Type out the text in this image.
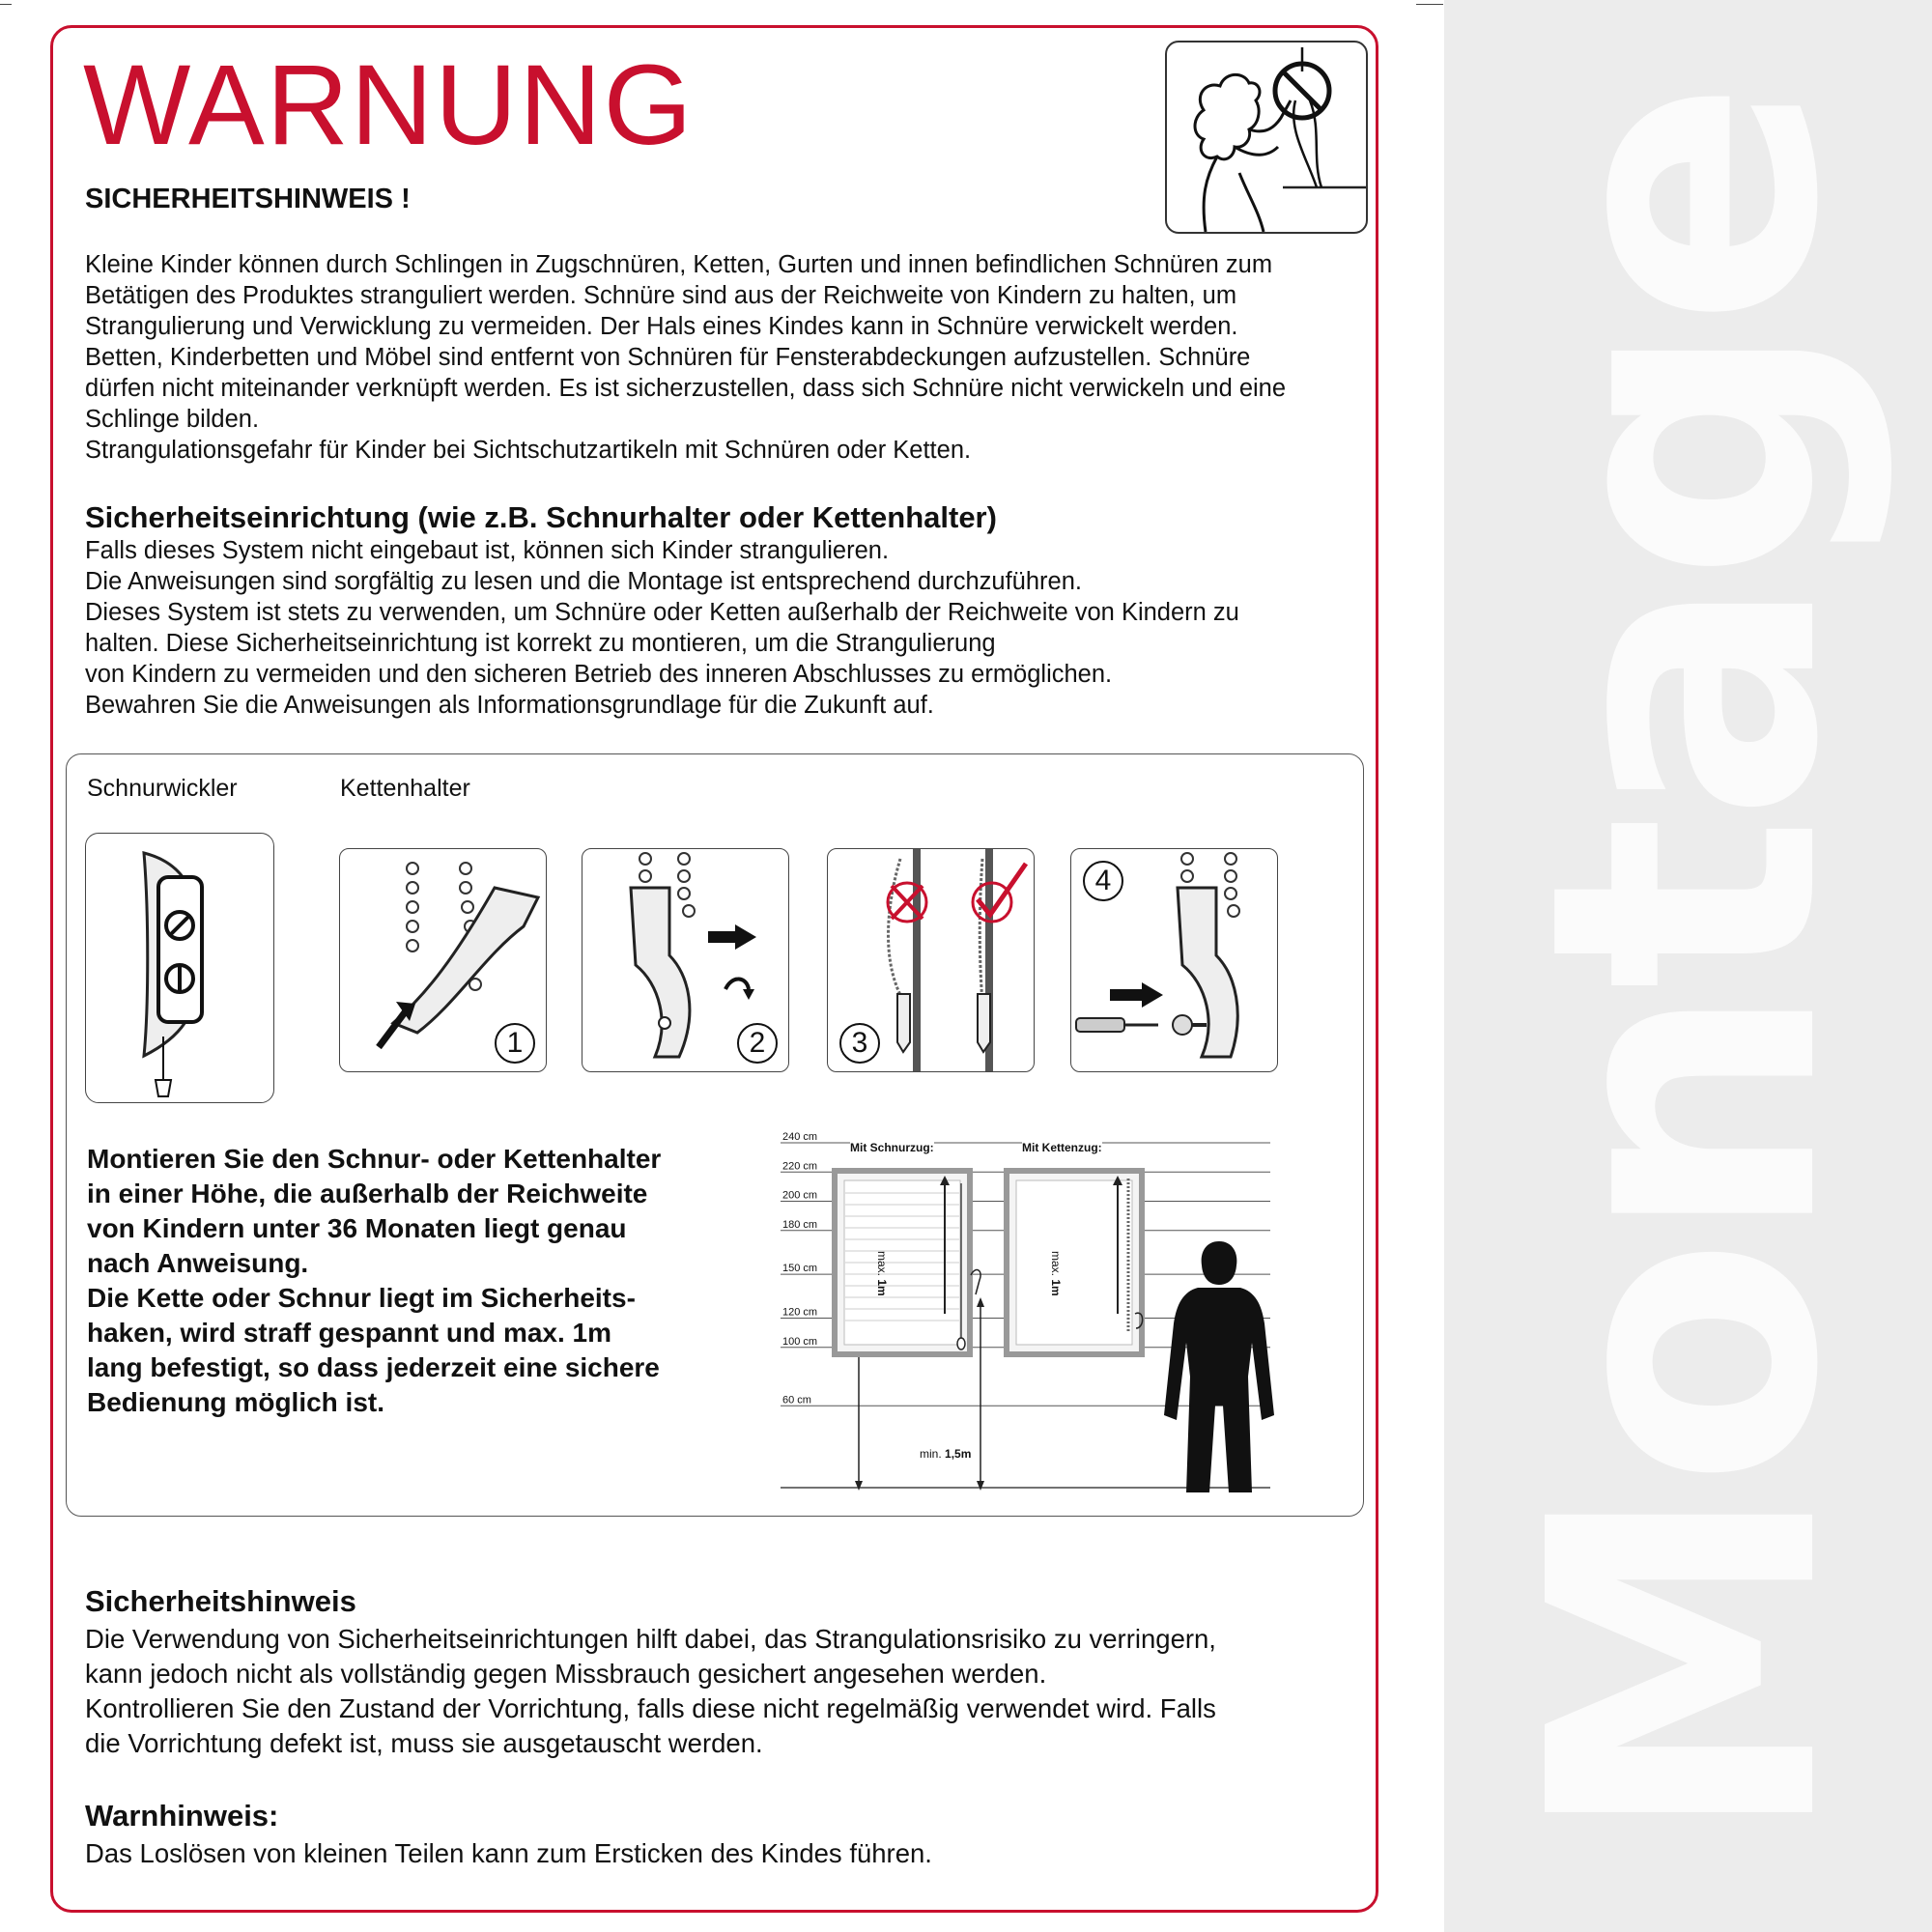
Montage
WARNUNG
SICHERHEITSHINWEIS !

Kleine Kinder können durch Schlingen in Zugschnüren, Ketten, Gurten und innen befindlichen Schnüren zum

Betätigen des Produktes stranguliert werden. Schnüre sind aus der Reichweite von Kindern zu halten, um

Strangulierung und Verwicklung zu vermeiden. Der Hals eines Kindes kann in Schnüre verwickelt werden.

Betten, Kinderbetten und Möbel sind entfernt von Schnüren für Fensterabdeckungen aufzustellen. Schnüre

dürfen nicht miteinander verknüpft werden. Es ist sicherzustellen, dass sich Schnüre nicht verwickeln und eine

Schlinge bilden.

Strangulationsgefahr für Kinder bei Sichtschutzartikeln mit Schnüren oder Ketten.

Sicherheitseinrichtung (wie z.B. Schnurhalter oder Kettenhalter)

Falls dieses System nicht eingebaut ist, können sich Kinder strangulieren.

Die Anweisungen sind sorgfältig zu lesen und die Montage ist entsprechend durchzuführen.

Dieses System ist stets zu verwenden, um Schnüre oder Ketten außerhalb der Reichweite von Kindern zu

halten. Diese Sicherheitseinrichtung ist korrekt zu montieren, um die Strangulierung

von Kindern zu vermeiden und den sicheren Betrieb des inneren Abschlusses zu ermöglichen.

Bewahren Sie die Anweisungen als Informationsgrundlage für die Zukunft auf.

Schnurwickler	Kettenhalter
1	2	3
4

Montieren Sie den Schnur- oder Kettenhalter

in einer Höhe, die außerhalb der Reichweite

von Kindern unter 36 Monaten liegt genau

nach Anweisung.

Die Kette oder Schnur liegt im Sicherheits-

haken, wird straff gespannt und max. 1m

lang befestigt, so dass jederzeit eine sichere

Bedienung möglich ist.

240 cm
220 cm
200 cm
180 cm
150 cm
120 cm
100 cm
60 cm
Mit Schnurzug:	Mit Kettenzug:
max. 1m
max. 1m
min. 1,5m
Sicherheitshinweis

Die Verwendung von Sicherheitseinrichtungen hilft dabei, das Strangulationsrisiko zu verringern,

kann jedoch nicht als vollständig gegen Missbrauch gesichert angesehen werden.

Kontrollieren Sie den Zustand der Vorrichtung, falls diese nicht regelmäßig verwendet wird. Falls

die Vorrichtung defekt ist, muss sie ausgetauscht werden.

Warnhinweis:
Das Loslösen von kleinen Teilen kann zum Ersticken des Kindes führen.
